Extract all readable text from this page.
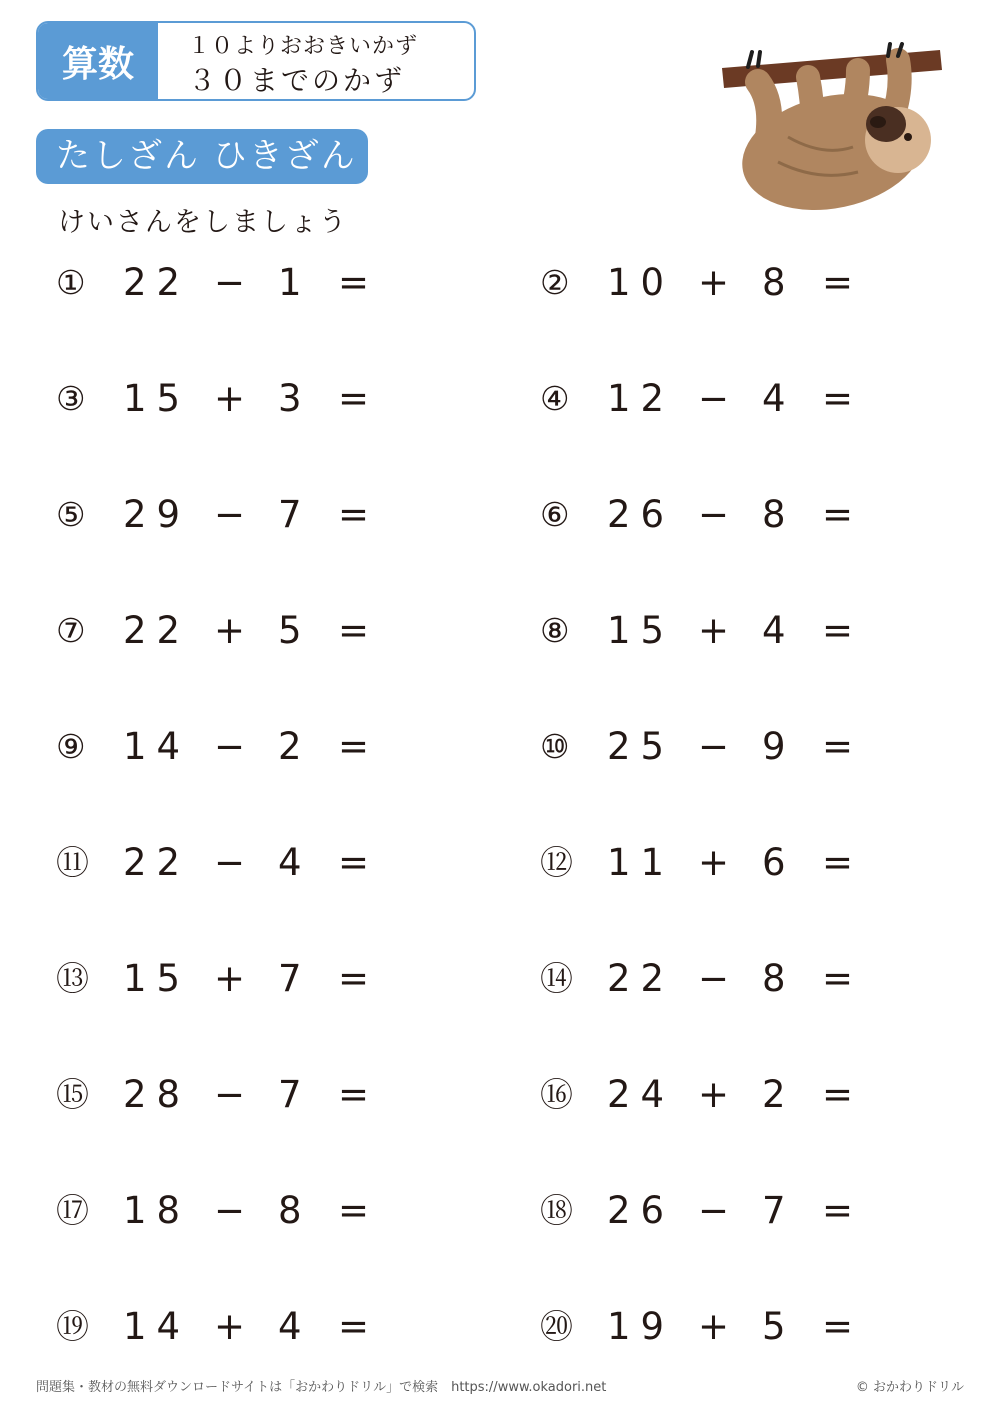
算数	１０よりおおきいかず
３０までのかず
たしざん ひきざん
けいさんをしましょう
① 22 − 1 =	② 10 + 8 =
③ 15 + 3 =	④ 12 − 4 =
⑤ 29 − 7 =	⑥ 26 − 8 =
⑦ 22 + 5 =	⑧ 15 + 4 =
⑨ 14 − 2 =	⑩ 25 − 9 =
⑪ 22 − 4 =	⑫ 11 + 6 =
⑬ 15 + 7 =	⑭ 22 − 8 =
⑮ 28 − 7 =	⑯ 24 + 2 =
⑰ 18 − 8 =	⑱ 26 − 7 =
⑲ 14 + 4 =	⑳ 19 + 5 =
問題集・教材の無料ダウンロードサイトは「おかわりドリル」で検索　https://www.okadori.net	© おかわりドリル
